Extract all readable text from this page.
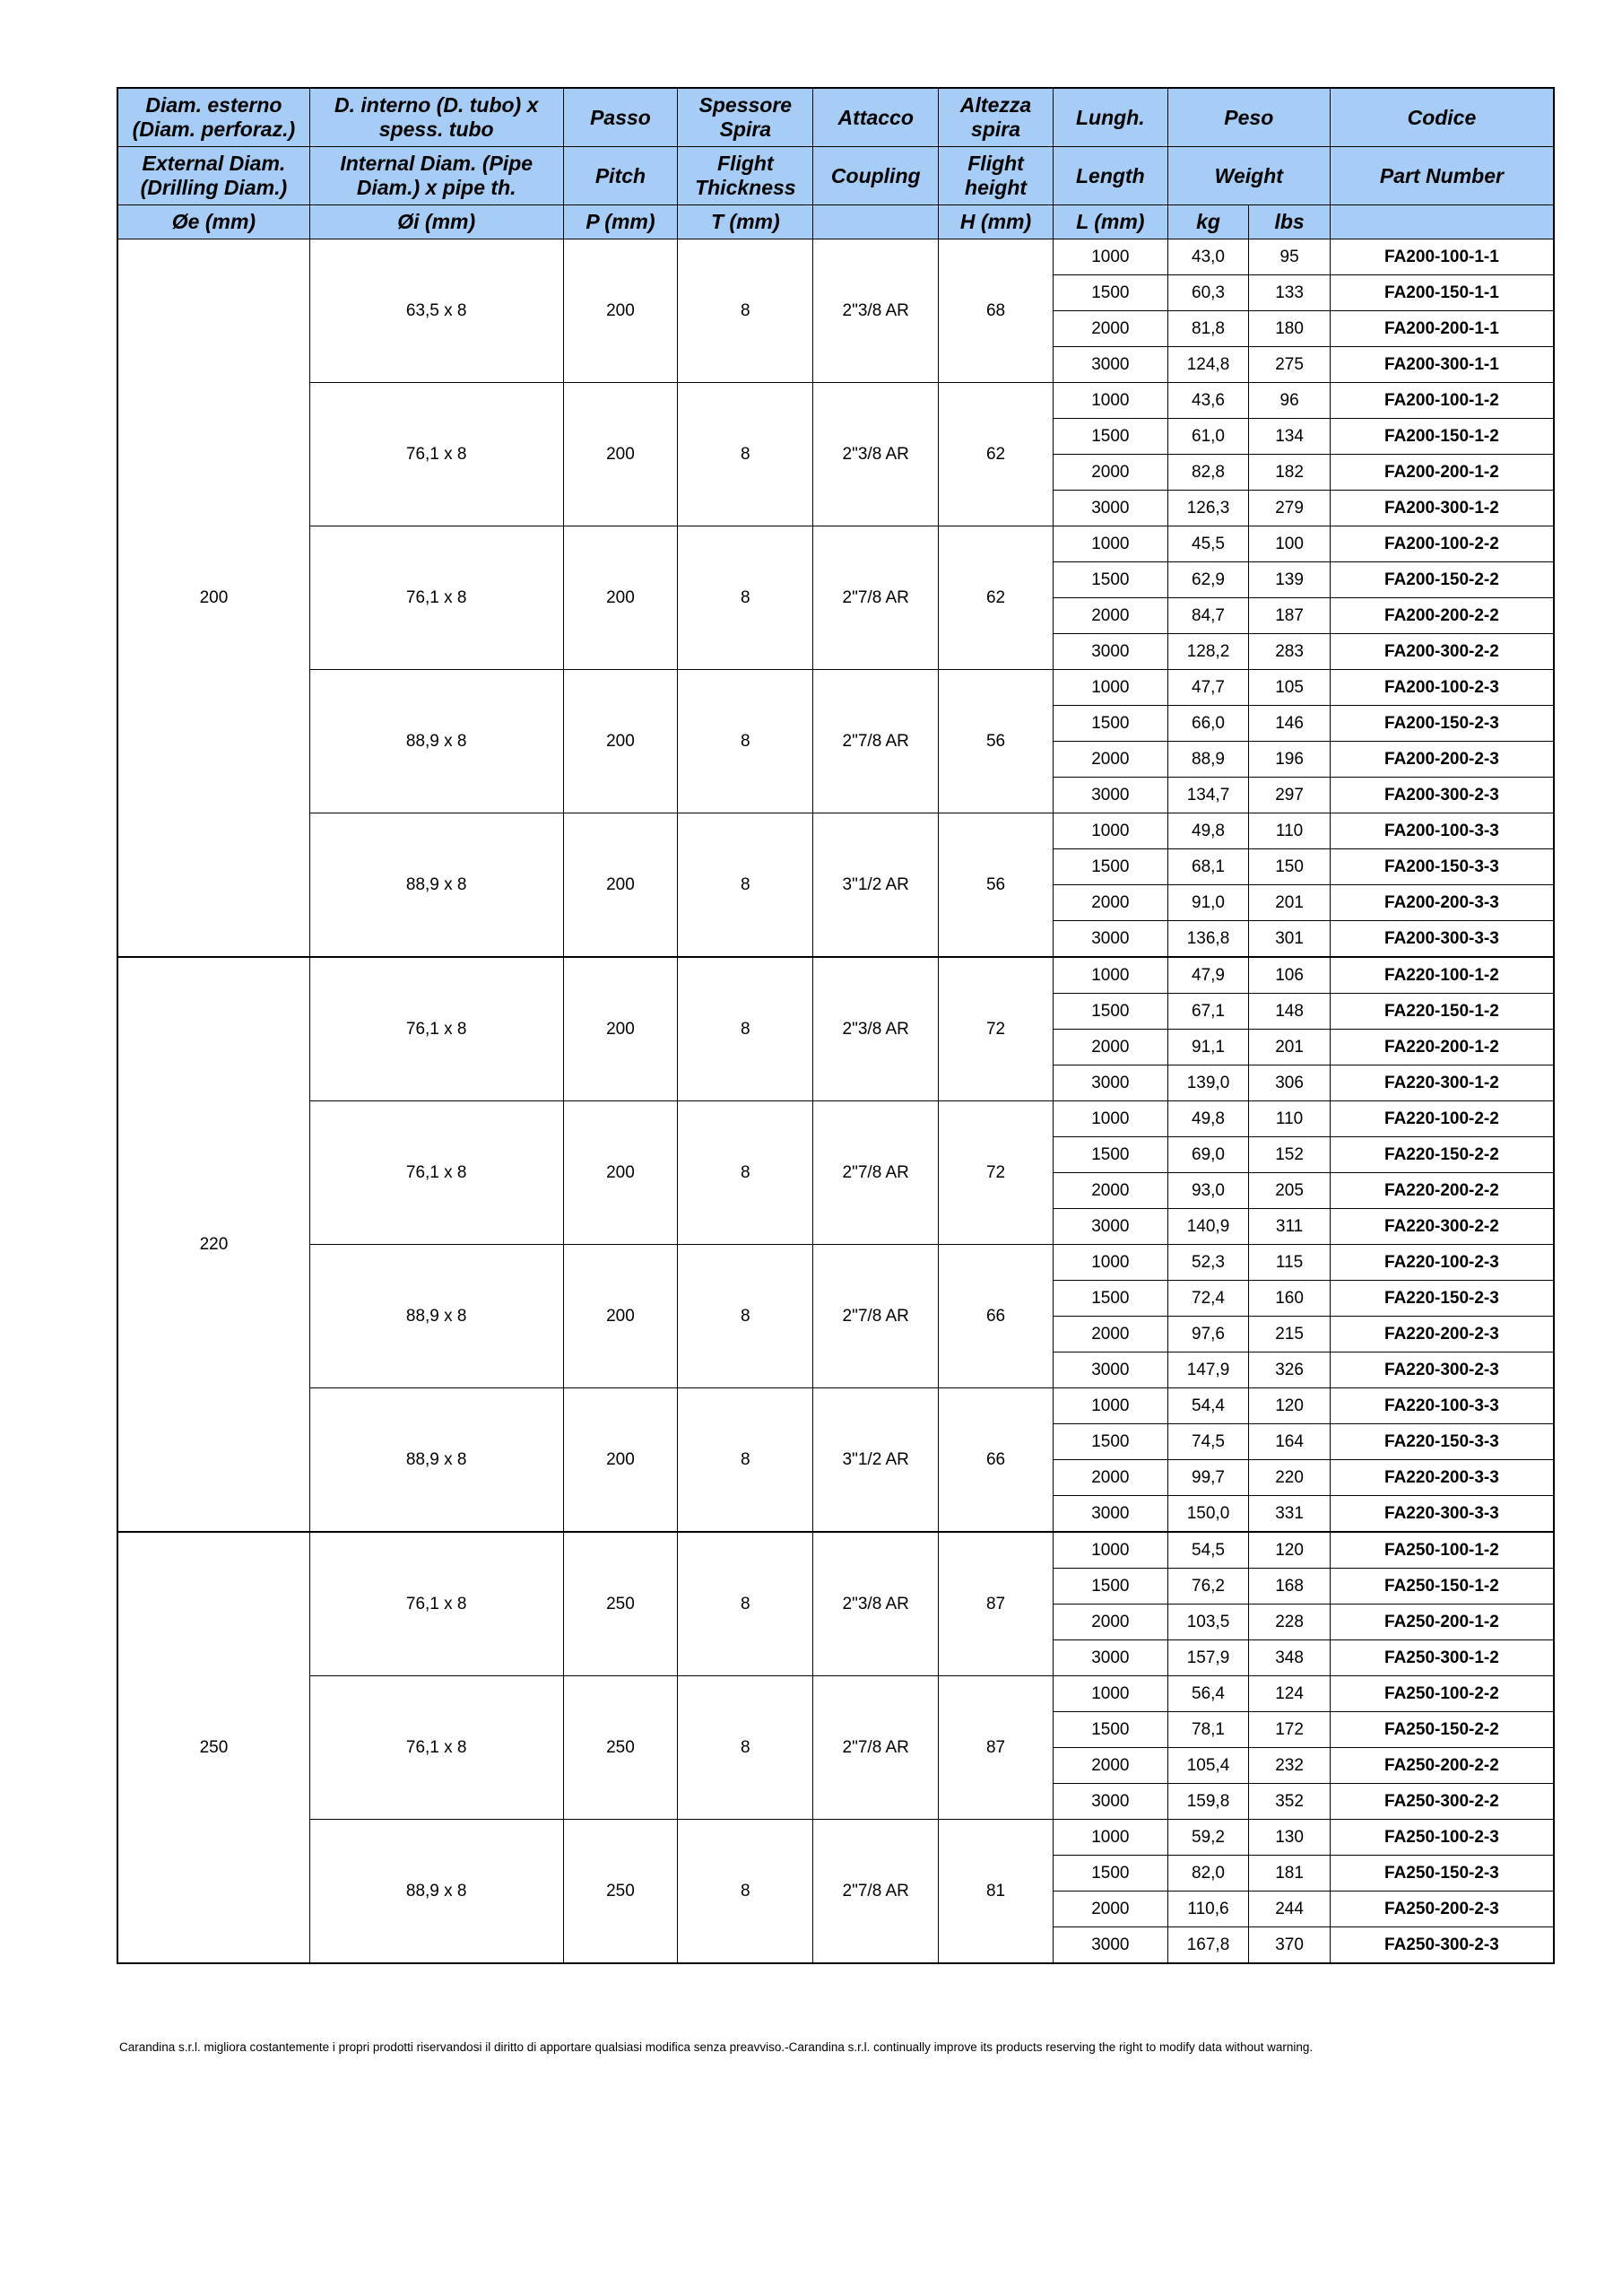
Diam. esterno (Diam. perforaz.)	D. interno (D. tubo) x spess. tubo	Passo	Spessore Spira	Attacco	Altezza spira	Lungh.	Peso		Codice
External Diam. (Drilling Diam.)	Internal Diam. (Pipe Diam.) x pipe th.	Pitch	Flight Thickness	Coupling	Flight height	Length	Weight		Part Number
Øe (mm)	Øi (mm)	P (mm)	T (mm)		H (mm)	L (mm)	kg	lbs	
200	63,5 x 8	200	8	2"3/8 AR	68	1000	43,0	95	FA200-100-1-1
						1500	60,3	133	FA200-150-1-1
						2000	81,8	180	FA200-200-1-1
						3000	124,8	275	FA200-300-1-1
	76,1 x 8	200	8	2"3/8 AR	62	1000	43,6	96	FA200-100-1-2
						1500	61,0	134	FA200-150-1-2
						2000	82,8	182	FA200-200-1-2
						3000	126,3	279	FA200-300-1-2
	76,1 x 8	200	8	2"7/8 AR	62	1000	45,5	100	FA200-100-2-2
						1500	62,9	139	FA200-150-2-2
						2000	84,7	187	FA200-200-2-2
						3000	128,2	283	FA200-300-2-2
	88,9 x 8	200	8	2"7/8 AR	56	1000	47,7	105	FA200-100-2-3
						1500	66,0	146	FA200-150-2-3
						2000	88,9	196	FA200-200-2-3
						3000	134,7	297	FA200-300-2-3
	88,9 x 8	200	8	3"1/2 AR	56	1000	49,8	110	FA200-100-3-3
						1500	68,1	150	FA200-150-3-3
						2000	91,0	201	FA200-200-3-3
						3000	136,8	301	FA200-300-3-3
220	76,1 x 8	200	8	2"3/8 AR	72	1000	47,9	106	FA220-100-1-2
						1500	67,1	148	FA220-150-1-2
						2000	91,1	201	FA220-200-1-2
						3000	139,0	306	FA220-300-1-2
	76,1 x 8	200	8	2"7/8 AR	72	1000	49,8	110	FA220-100-2-2
						1500	69,0	152	FA220-150-2-2
						2000	93,0	205	FA220-200-2-2
						3000	140,9	311	FA220-300-2-2
	88,9 x 8	200	8	2"7/8 AR	66	1000	52,3	115	FA220-100-2-3
						1500	72,4	160	FA220-150-2-3
						2000	97,6	215	FA220-200-2-3
						3000	147,9	326	FA220-300-2-3
	88,9 x 8	200	8	3"1/2 AR	66	1000	54,4	120	FA220-100-3-3
						1500	74,5	164	FA220-150-3-3
						2000	99,7	220	FA220-200-3-3
						3000	150,0	331	FA220-300-3-3
250	76,1 x 8	250	8	2"3/8 AR	87	1000	54,5	120	FA250-100-1-2
						1500	76,2	168	FA250-150-1-2
						2000	103,5	228	FA250-200-1-2
						3000	157,9	348	FA250-300-1-2
	76,1 x 8	250	8	2"7/8 AR	87	1000	56,4	124	FA250-100-2-2
						1500	78,1	172	FA250-150-2-2
						2000	105,4	232	FA250-200-2-2
						3000	159,8	352	FA250-300-2-2
	88,9 x 8	250	8	2"7/8 AR	81	1000	59,2	130	FA250-100-2-3
						1500	82,0	181	FA250-150-2-3
						2000	110,6	244	FA250-200-2-3
						3000	167,8	370	FA250-300-2-3
Carandina s.r.l. migliora costantemente i propri prodotti riservandosi il diritto di apportare qualsiasi modifica senza preavviso.-Carandina s.r.l. continually improve its products reserving the right to modify data without warning.
